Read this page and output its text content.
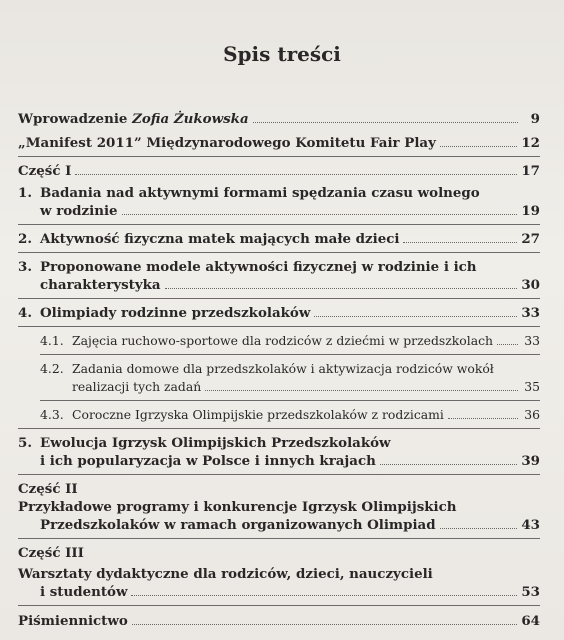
Spis treści
Wprowadzenie Zofia Żukowska	9
„Manifest 2011” Międzynarodowego Komitetu Fair Play	12
Część I	17
1. Badania nad aktywnymi formami spędzania czasu wolnego
w rodzinie	19
2. Aktywność fizyczna matek mających małe dzieci	27
3. Proponowane modele aktywności fizycznej w rodzinie i ich
charakterystyka	30
4. Olimpiady rodzinne przedszkolaków	33
4.1. Zajęcia ruchowo-sportowe dla rodziców z dziećmi w przedszkolach	33
4.2. Zadania domowe dla przedszkolaków i aktywizacja rodziców wokół
realizacji tych zadań	35
4.3. Coroczne Igrzyska Olimpijskie przedszkolaków z rodzicami	36
5. Ewolucja Igrzysk Olimpijskich Przedszkolaków
i ich popularyzacja w Polsce i innych krajach	39
Część II
Przykładowe programy i konkurencje Igrzysk Olimpijskich
Przedszkolaków w ramach organizowanych Olimpiad	43
Część III
Warsztaty dydaktyczne dla rodziców, dzieci, nauczycieli
i studentów	53
Piśmiennictwo	64
